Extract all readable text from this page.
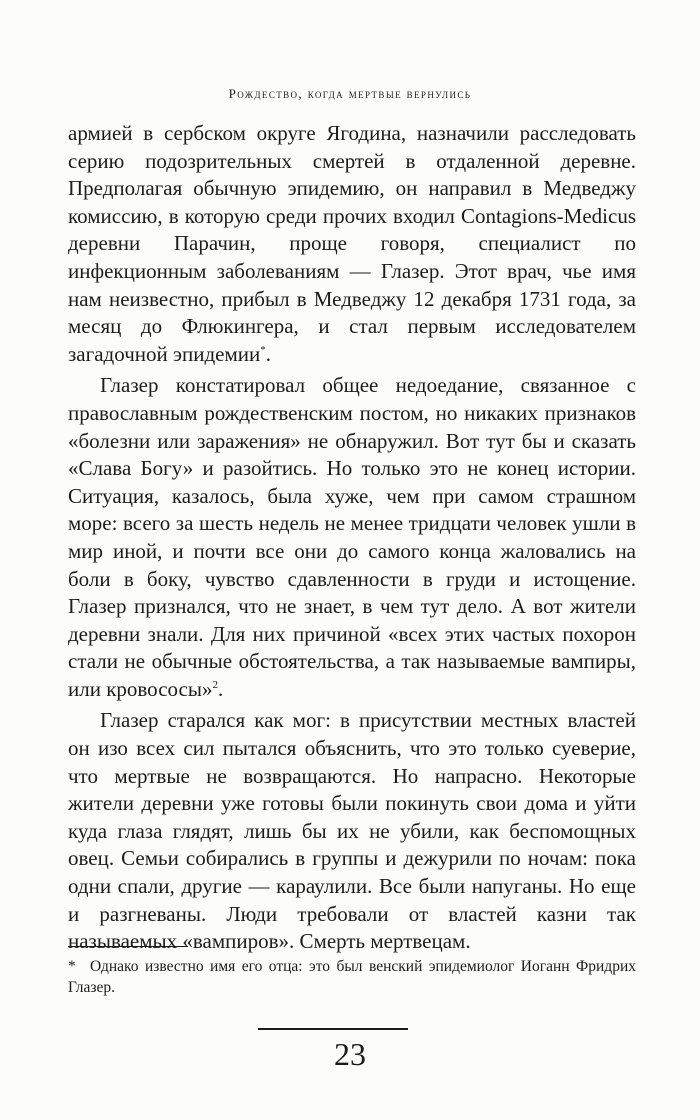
Рождество, когда мертвые вернулись

армией в сербском округе Ягодина, назначили расследовать серию подозрительных смертей в отдаленной деревне. Предполагая обычную эпидемию, он направил в Медведжу комиссию, в которую среди прочих входил Contagions-Medicus деревни Парачин, проще говоря, специалист по инфекционным заболеваниям — Глазер. Этот врач, чье имя нам неизвестно, прибыл в Медведжу 12 декабря 1731 года, за месяц до Флюкингера, и стал первым исследователем загадочной эпидемии*.

Глазер констатировал общее недоедание, связанное с православным рождественским постом, но никаких признаков «болезни или заражения» не обнаружил. Вот тут бы и сказать «Слава Богу» и разойтись. Но только это не конец истории. Ситуация, казалось, была хуже, чем при самом страшном море: всего за шесть недель не менее тридцати человек ушли в мир иной, и почти все они до самого конца жаловались на боли в боку, чувство сдавленности в груди и истощение. Глазер признался, что не знает, в чем тут дело. А вот жители деревни знали. Для них причиной «всех этих частых похорон стали не обычные обстоятельства, а так называемые вампиры, или кровососы»$^2$.

Глазер старался как мог: в присутствии местных властей он изо всех сил пытался объяснить, что это только суеверие, что мертвые не возвращаются. Но напрасно. Некоторые жители деревни уже готовы были покинуть свои дома и уйти куда глаза глядят, лишь бы их не убили, как беспомощных овец. Семьи собирались в группы и дежурили по ночам: пока одни спали, другие — караулили. Все были напуганы. Но еще и разгневаны. Люди требовали от властей казни так называемых «вампиров». Смерть мертвецам.

* Однако известно имя его отца: это был венский эпидемиолог Иоганн Фридрих Глазер.
23
